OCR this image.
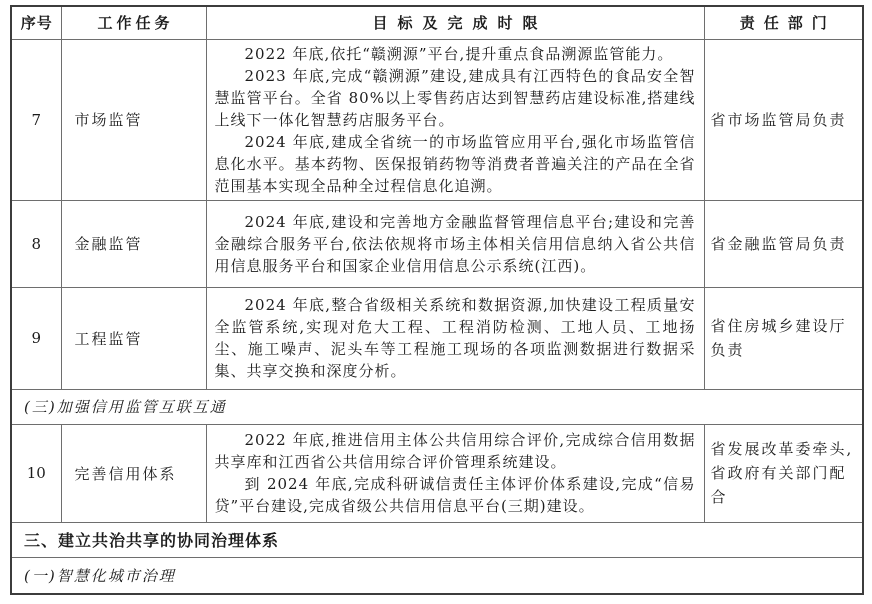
序号	工作任务	目标及完成时限	责任部门
7	市场监管	2022 年底,依托“赣溯源”平台,提升重点食品溯源监管能力。

2023 年底,完成“赣溯源”建设,建成具有江西特色的食品安全智慧监管平台。全省 80%以上零售药店达到智慧药店建设标准,搭建线上线下一体化智慧药店服务平台。

2024 年底,建成全省统一的市场监管应用平台,强化市场监管信息化水平。基本药物、医保报销药物等消费者普遍关注的产品在全省范围基本实现全品种全过程信息化追溯。	省市场监管局负责
8	金融监管	2024 年底,建设和完善地方金融监督管理信息平台;建设和完善金融综合服务平台,依法依规将市场主体相关信用信息纳入省公共信用信息服务平台和国家企业信用信息公示系统(江西)。	省金融监管局负责
9	工程监管	2024 年底,整合省级相关系统和数据资源,加快建设工程质量安全监管系统,实现对危大工程、工程消防检测、工地人员、工地扬尘、施工噪声、泥头车等工程施工现场的各项监测数据进行数据采集、共享交换和深度分析。	省住房城乡建设厅负责
(三)加强信用监管互联互通			
10	完善信用体系	2022 年底,推进信用主体公共信用综合评价,完成综合信用数据共享库和江西省公共信用综合评价管理系统建设。

到 2024 年底,完成科研诚信责任主体评价体系建设,完成“信易贷”平台建设,完成省级公共信用信息平台(三期)建设。	省发展改革委牵头,省政府有关部门配合
三、建立共治共享的协同治理体系			
(一)智慧化城市治理			
